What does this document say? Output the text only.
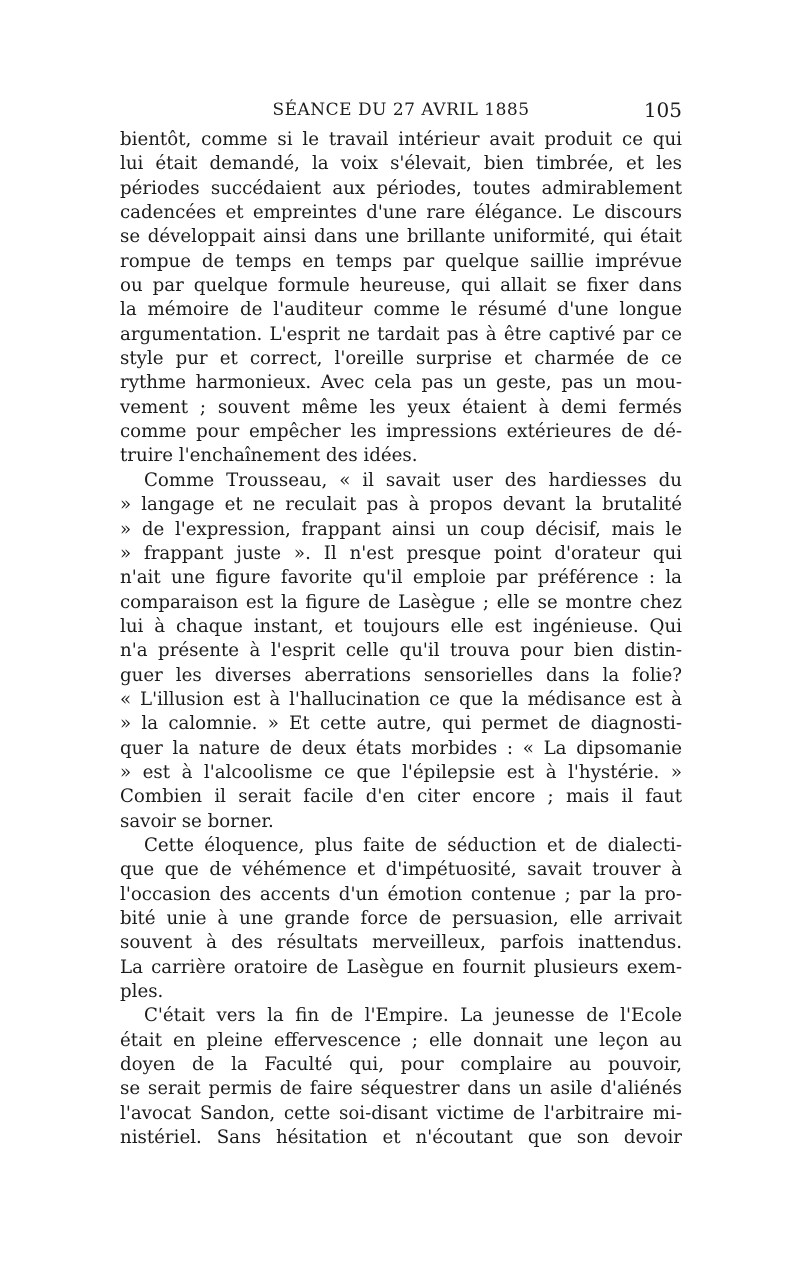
SÉANCE DU 27 AVRIL 1885	105
bientôt, comme si le travail intérieur avait produit ce qui
lui était demandé, la voix s'élevait, bien timbrée, et les
périodes succédaient aux périodes, toutes admirablement
cadencées et empreintes d'une rare élégance. Le discours
se développait ainsi dans une brillante uniformité, qui était
rompue de temps en temps par quelque saillie imprévue
ou par quelque formule heureuse, qui allait se fixer dans
la mémoire de l'auditeur comme le résumé d'une longue
argumentation. L'esprit ne tardait pas à être captivé par ce
style pur et correct, l'oreille surprise et charmée de ce
rythme harmonieux. Avec cela pas un geste, pas un mou-
vement ; souvent même les yeux étaient à demi fermés
comme pour empêcher les impressions extérieures de dé-
truire l'enchaînement des idées.
Comme Trousseau, « il savait user des hardiesses du
» langage et ne reculait pas à propos devant la brutalité
» de l'expression, frappant ainsi un coup décisif, mais le
» frappant juste ». Il n'est presque point d'orateur qui
n'ait une figure favorite qu'il emploie par préférence : la
comparaison est la figure de Lasègue ; elle se montre chez
lui à chaque instant, et toujours elle est ingénieuse. Qui
n'a présente à l'esprit celle qu'il trouva pour bien distin-
guer les diverses aberrations sensorielles dans la folie?
« L'illusion est à l'hallucination ce que la médisance est à
» la calomnie. » Et cette autre, qui permet de diagnosti-
quer la nature de deux états morbides : « La dipsomanie
» est à l'alcoolisme ce que l'épilepsie est à l'hystérie. »
Combien il serait facile d'en citer encore ; mais il faut
savoir se borner.
Cette éloquence, plus faite de séduction et de dialecti-
que que de véhémence et d'impétuosité, savait trouver à
l'occasion des accents d'un émotion contenue ; par la pro-
bité unie à une grande force de persuasion, elle arrivait
souvent à des résultats merveilleux, parfois inattendus.
La carrière oratoire de Lasègue en fournit plusieurs exem-
ples.
C'était vers la fin de l'Empire. La jeunesse de l'Ecole
était en pleine effervescence ; elle donnait une leçon au
doyen de la Faculté qui, pour complaire au pouvoir,
se serait permis de faire séquestrer dans un asile d'aliénés
l'avocat Sandon, cette soi-disant victime de l'arbitraire mi-
nistériel. Sans hésitation et n'écoutant que son devoir
